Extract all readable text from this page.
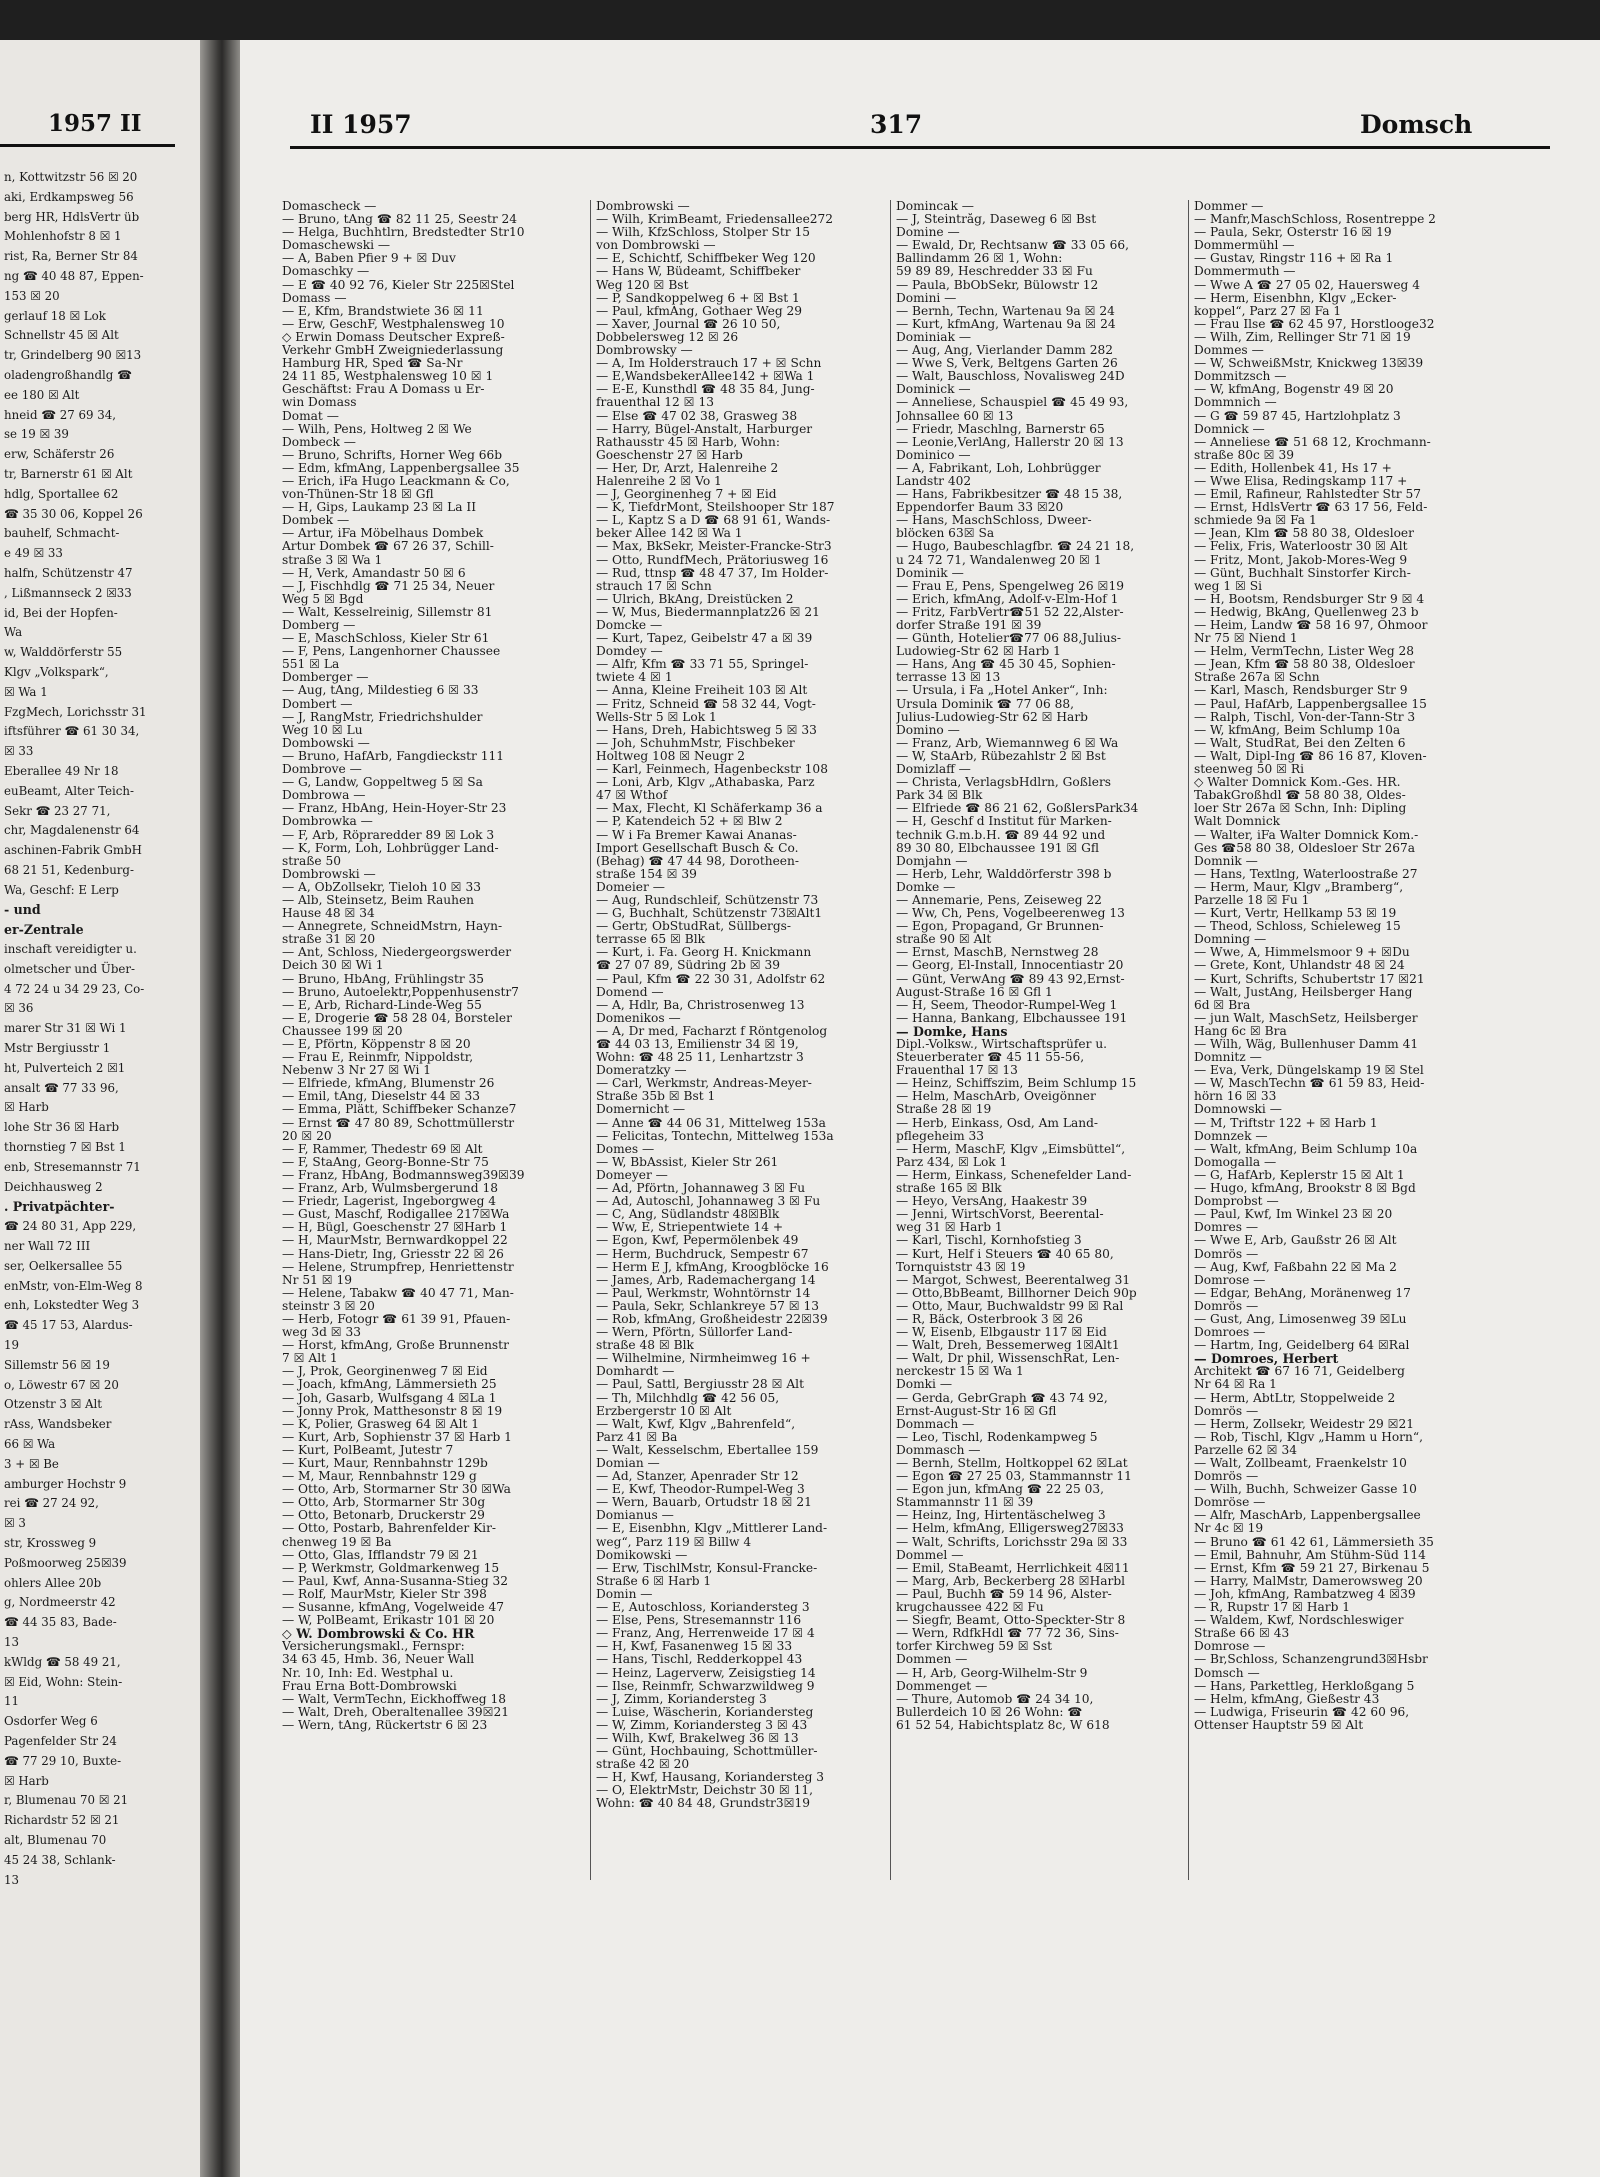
1957 II
n, Kottwitzstr 56 ☒ 20
aki, Erdkampsweg 56
berg HR, HdlsVertr üb
Mohlenhofstr 8 ☒ 1
rist, Ra, Berner Str 84
ng ☎ 40 48 87, Eppen-
153 ☒ 20
gerlauf 18 ☒ Lok
Schnellstr 45 ☒ Alt
tr, Grindelberg 90 ☒13
oladengroßhandlg ☎
ee 180 ☒ Alt
hneid ☎ 27 69 34,
se 19 ☒ 39
erw, Schäferstr 26
tr, Barnerstr 61 ☒ Alt
hdlg, Sportallee 62
☎ 35 30 06, Koppel 26
bauhelf, Schmacht-
e 49 ☒ 33
halfn, Schützenstr 47
, Lißmannseck 2 ☒33
id, Bei der Hopfen-
Wa
w, Walddörferstr 55
Klgv „Volkspark“,
☒ Wa 1
FzgMech, Lorichsstr 31
iftsführer ☎ 61 30 34,
☒ 33
Eberallee 49 Nr 18
euBeamt, Alter Teich-
Sekr ☎ 23 27 71,
chr, Magdalenenstr 64
aschinen-Fabrik GmbH
68 21 51, Kedenburg-
Wa, Geschf: E Lerp
- und
er-Zentrale
inschaft vereidigter u.
olmetscher und Über-
4 72 24 u 34 29 23, Co-
☒ 36
marer Str 31 ☒ Wi 1
Mstr Bergiusstr 1
ht, Pulverteich 2 ☒1
ansalt ☎ 77 33 96,
☒ Harb
lohe Str 36 ☒ Harb
thornstieg 7 ☒ Bst 1
enb, Stresemannstr 71
Deichhausweg 2
. Privatpächter-
☎ 24 80 31, App 229,
ner Wall 72 III
ser, Oelkersallee 55
enMstr, von-Elm-Weg 8
enh, Lokstedter Weg 3
☎ 45 17 53, Alardus-
19
Sillemstr 56 ☒ 19
o, Löwestr 67 ☒ 20
Otzenstr 3 ☒ Alt
rAss, Wandsbeker
66 ☒ Wa
3 + ☒ Be
amburger Hochstr 9
rei ☎ 27 24 92,
☒ 3
str, Krossweg 9
Poßmoorweg 25☒39
ohlers Allee 20b
g, Nordmeerstr 42
☎ 44 35 83, Bade-
13
kWldg ☎ 58 49 21,
☒ Eid, Wohn: Stein-
11
Osdorfer Weg 6
Pagenfelder Str 24
☎ 77 29 10, Buxte-
☒ Harb
r, Blumenau 70 ☒ 21
Richardstr 52 ☒ 21
alt, Blumenau 70
45 24 38, Schlank-
13
II 1957	317	Domsch
Domascheck —
— Bruno, tAng ☎ 82 11 25, Seestr 24
— Helga, Buchhtlrn, Bredstedter Str10
Domaschewski —
— A, Baben Pfier 9 + ☒ Duv
Domaschky —
— E ☎ 40 92 76, Kieler Str 225☒Stel
Domass —
— E, Kfm, Brandstwiete 36 ☒ 11
— Erw, GeschF, Westphalensweg 10
◇ Erwin Domass Deutscher Expreß-
Verkehr GmbH Zweigniederlassung
Hamburg HR, Sped ☎ Sa-Nr
24 11 85, Westphalensweg 10 ☒ 1
Geschäftst: Frau A Domass u Er-
win Domass
Domat —
— Wilh, Pens, Holtweg 2 ☒ We
Dombeck —
— Bruno, Schrifts, Horner Weg 66b
— Edm, kfmAng, Lappenbergsallee 35
— Erich, iFa Hugo Leackmann & Co,
von-Thünen-Str 18 ☒ Gfl
— H, Gips, Laukamp 23 ☒ La II
Dombek —
— Artur, iFa Möbelhaus Dombek
Artur Dombek ☎ 67 26 37, Schill-
straße 3 ☒ Wa 1
— H, Verk, Amandastr 50 ☒ 6
— J, Fischhdlg ☎ 71 25 34, Neuer
Weg 5 ☒ Bgd
— Walt, Kesselreinig, Sillemstr 81
Domberg —
— E, MaschSchloss, Kieler Str 61
— F, Pens, Langenhorner Chaussee
551 ☒ La
Domberger —
— Aug, tAng, Mildestieg 6 ☒ 33
Dombert —
— J, RangMstr, Friedrichshulder
Weg 10 ☒ Lu
Dombowski —
— Bruno, HafArb, Fangdieckstr 111
Dombrove —
— G, Landw, Goppeltweg 5 ☒ Sa
Dombrowa —
— Franz, HbAng, Hein-Hoyer-Str 23
Dombrowka —
— F, Arb, Röpraredder 89 ☒ Lok 3
— K, Form, Loh, Lohbrügger Land-
straße 50
Dombrowski —
— A, ObZollsekr, Tieloh 10 ☒ 33
— Alb, Steinsetz, Beim Rauhen
Hause 48 ☒ 34
— Annegrete, SchneidMstrn, Hayn-
straße 31 ☒ 20
— Ant, Schloss, Niedergeorgswerder
Deich 30 ☒ Wi 1
— Bruno, HbAng, Frühlingstr 35
— Bruno, Autoelektr,Poppenhusenstr7
— E, Arb, Richard-Linde-Weg 55
— E, Drogerie ☎ 58 28 04, Borsteler
Chaussee 199 ☒ 20
— E, Pförtn, Köppenstr 8 ☒ 20
— Frau E, Reinmfr, Nippoldstr,
Nebenw 3 Nr 27 ☒ Wi 1
— Elfriede, kfmAng, Blumenstr 26
— Emil, tAng, Dieselstr 44 ☒ 33
— Emma, Plätt, Schiffbeker Schanze7
— Ernst ☎ 47 80 89, Schottmüllerstr
20 ☒ 20
— F, Rammer, Thedestr 69 ☒ Alt
— F, StaAng, Georg-Bonne-Str 75
— Franz, HbAng, Bodmannsweg39☒39
— Franz, Arb, Wulmsbergerund 18
— Friedr, Lagerist, Ingeborgweg 4
— Gust, Maschf, Rodigallee 217☒Wa
— H, Bügl, Goeschenstr 27 ☒Harb 1
— H, MaurMstr, Bernwardkoppel 22
— Hans-Dietr, Ing, Griesstr 22 ☒ 26
— Helene, Strumpfrep, Henriettenstr
Nr 51 ☒ 19
— Helene, Tabakw ☎ 40 47 71, Man-
steinstr 3 ☒ 20
— Herb, Fotogr ☎ 61 39 91, Pfauen-
weg 3d ☒ 33
— Horst, kfmAng, Große Brunnenstr
7 ☒ Alt 1
— J, Prok, Georginenweg 7 ☒ Eid
— Joach, kfmAng, Lämmersieth 25
— Joh, Gasarb, Wulfsgang 4 ☒La 1
— Jonny Prok, Matthesonstr 8 ☒ 19
— K, Polier, Grasweg 64 ☒ Alt 1
— Kurt, Arb, Sophienstr 37 ☒ Harb 1
— Kurt, PolBeamt, Jutestr 7
— Kurt, Maur, Rennbahnstr 129b
— M, Maur, Rennbahnstr 129 g
— Otto, Arb, Stormarner Str 30 ☒Wa
— Otto, Arb, Stormarner Str 30g
— Otto, Betonarb, Druckerstr 29
— Otto, Postarb, Bahrenfelder Kir-
chenweg 19 ☒ Ba
— Otto, Glas, Ifflandstr 79 ☒ 21
— P, Werkmstr, Goldmarkenweg 15
— Paul, Kwf, Anna-Susanna-Stieg 32
— Rolf, MaurMstr, Kieler Str 398
— Susanne, kfmAng, Vogelweide 47
— W, PolBeamt, Erikastr 101 ☒ 20
◇ W. Dombrowski & Co. HR
Versicherungsmakl., Fernspr:
34 63 45, Hmb. 36, Neuer Wall
Nr. 10, Inh: Ed. Westphal u.
Frau Erna Bott-Dombrowski
— Walt, VermTechn, Eickhoffweg 18
— Walt, Dreh, Oberaltenallee 39☒21
— Wern, tAng, Rückertstr 6 ☒ 23
Dombrowski —
— Wilh, KrimBeamt, Friedensallee272
— Wilh, KfzSchloss, Stolper Str 15
von Dombrowski —
— E, Schichtf, Schiffbeker Weg 120
— Hans W, Büdeamt, Schiffbeker
Weg 120 ☒ Bst
— P, Sandkoppelweg 6 + ☒ Bst 1
— Paul, kfmAng, Gothaer Weg 29
— Xaver, Journal ☎ 26 10 50,
Dobbelersweg 12 ☒ 26
Dombrowsky —
— A, Im Holderstrauch 17 + ☒ Schn
— E,WandsbekerAllee142 + ☒Wa 1
— E-E, Kunsthdl ☎ 48 35 84, Jung-
frauenthal 12 ☒ 13
— Else ☎ 47 02 38, Grasweg 38
— Harry, Bügel-Anstalt, Harburger
Rathausstr 45 ☒ Harb, Wohn:
Goeschenstr 27 ☒ Harb
— Her, Dr, Arzt, Halenreihe 2
Halenreihe 2 ☒ Vo 1
— J, Georginenheg 7 + ☒ Eid
— K, TiefdrMont, Steilshooper Str 187
— L, Kaptz S a D ☎ 68 91 61, Wands-
beker Allee 142 ☒ Wa 1
— Max, BkSekr, Meister-Francke-Str3
— Otto, RundfMech, Prätoriusweg 16
— Rud, ttnsp ☎ 48 47 37, Im Holder-
strauch 17 ☒ Schn
— Ulrich, BkAng, Dreistücken 2
— W, Mus, Biedermannplatz26 ☒ 21
Domcke —
— Kurt, Tapez, Geibelstr 47 a ☒ 39
Domdey —
— Alfr, Kfm ☎ 33 71 55, Springel-
twiete 4 ☒ 1
— Anna, Kleine Freiheit 103 ☒ Alt
— Fritz, Schneid ☎ 58 32 44, Vogt-
Wells-Str 5 ☒ Lok 1
— Hans, Dreh, Habichtsweg 5 ☒ 33
— Joh, SchuhmMstr, Fischbeker
Holtweg 108 ☒ Neugr 2
— Karl, Feinmech, Hagenbeckstr 108
— Loni, Arb, Klgv „Athabaska, Parz
47 ☒ Wthof
— Max, Flecht, Kl Schäferkamp 36 a
— P, Katendeich 52 + ☒ Blw 2
— W i Fa Bremer Kawai Ananas-
Import Gesellschaft Busch & Co.
(Behag) ☎ 47 44 98, Dorotheen-
straße 154 ☒ 39
Domeier —
— Aug, Rundschleif, Schützenstr 73
— G, Buchhalt, Schützenstr 73☒Alt1
— Gertr, ObStudRat, Süllbergs-
terrasse 65 ☒ Blk
— Kurt, i. Fa. Georg H. Knickmann
☎ 27 07 89, Südring 2b ☒ 39
— Paul, Kfm ☎ 22 30 31, Adolfstr 62
Domend —
— A, Hdlr, Ba, Christrosenweg 13
Domenikos —
— A, Dr med, Facharzt f Röntgenolog
☎ 44 03 13, Emilienstr 34 ☒ 19,
Wohn: ☎ 48 25 11, Lenhartzstr 3
Domeratzky —
— Carl, Werkmstr, Andreas-Meyer-
Straße 35b ☒ Bst 1
Domernicht —
— Anne ☎ 44 06 31, Mittelweg 153a
— Felicitas, Tontechn, Mittelweg 153a
Domes —
— W, BbAssist, Kieler Str 261
Domeyer —
— Ad, Pförtn, Johannaweg 3 ☒ Fu
— Ad, Autoschl, Johannaweg 3 ☒ Fu
— C, Ang, Südlandstr 48☒Blk
— Ww, E, Striepentwiete 14 +
— Egon, Kwf, Pepermölenbek 49
— Herm, Buchdruck, Sempestr 67
— Herm E J, kfmAng, Kroogblöcke 16
— James, Arb, Rademachergang 14
— Paul, Werkmstr, Wohntörnstr 14
— Paula, Sekr, Schlankreye 57 ☒ 13
— Rob, kfmAng, Großheidestr 22☒39
— Wern, Pförtn, Süllorfer Land-
straße 48 ☒ Blk
— Wilhelmine, Nirmheimweg 16 +
Domhardt —
— Paul, Sattl, Bergiusstr 28 ☒ Alt
— Th, Milchhdlg ☎ 42 56 05,
Erzbergerstr 10 ☒ Alt
— Walt, Kwf, Klgv „Bahrenfeld“,
Parz 41 ☒ Ba
— Walt, Kesselschm, Ebertallee 159
Domian —
— Ad, Stanzer, Apenrader Str 12
— E, Kwf, Theodor-Rumpel-Weg 3
— Wern, Bauarb, Ortudstr 18 ☒ 21
Domianus —
— E, Eisenbhn, Klgv „Mittlerer Land-
weg“, Parz 119 ☒ Billw 4
Domikowski —
— Erw, TischlMstr, Konsul-Francke-
Straße 6 ☒ Harb 1
Domin —
— E, Autoschloss, Koriandersteg 3
— Else, Pens, Stresemannstr 116
— Franz, Ang, Herrenweide 17 ☒ 4
— H, Kwf, Fasanenweg 15 ☒ 33
— Hans, Tischl, Redderkoppel 43
— Heinz, Lagerverw, Zeisigstieg 14
— Ilse, Reinmfr, Schwarzwildweg 9
— J, Zimm, Koriandersteg 3
— Luise, Wäscherin, Koriandersteg
— W, Zimm, Koriandersteg 3 ☒ 43
— Wilh, Kwf, Brakelweg 36 ☒ 13
— Günt, Hochbauing, Schottmüller-
straße 42 ☒ 20
— H, Kwf, Hausang, Koriandersteg 3
— O, ElektrMstr, Deichstr 30 ☒ 11,
Wohn: ☎ 40 84 48, Grundstr3☒19
Domincak —
— J, Steintråg, Daseweg 6 ☒ Bst
Domine —
— Ewald, Dr, Rechtsanw ☎ 33 05 66,
Ballindamm 26 ☒ 1, Wohn:
59 89 89, Heschredder 33 ☒ Fu
— Paula, BbObSekr, Bülowstr 12
Domini —
— Bernh, Techn, Wartenau 9a ☒ 24
— Kurt, kfmAng, Wartenau 9a ☒ 24
Dominiak —
— Aug, Ang, Vierlander Damm 282
— Wwe S, Verk, Beltgens Garten 26
— Walt, Bauschloss, Novalisweg 24D
Dominick —
— Anneliese, Schauspiel ☎ 45 49 93,
Johnsallee 60 ☒ 13
— Friedr, Maschlng, Barnerstr 65
— Leonie,VerlAng, Hallerstr 20 ☒ 13
Dominico —
— A, Fabrikant, Loh, Lohbrügger
Landstr 402
— Hans, Fabrikbesitzer ☎ 48 15 38,
Eppendorfer Baum 33 ☒20
— Hans, MaschSchloss, Dweer-
blöcken 63☒ Sa
— Hugo, Baubeschlagfbr. ☎ 24 21 18,
u 24 72 71, Wandalenweg 20 ☒ 1
Dominik —
— Frau E, Pens, Spengelweg 26 ☒19
— Erich, kfmAng, Adolf-v-Elm-Hof 1
— Fritz, FarbVertr☎51 52 22,Alster-
dorfer Straße 191 ☒ 39
— Günth, Hotelier☎77 06 88,Julius-
Ludowieg-Str 62 ☒ Harb 1
— Hans, Ang ☎ 45 30 45, Sophien-
terrasse 13 ☒ 13
— Ursula, i Fa „Hotel Anker“, Inh:
Ursula Dominik ☎ 77 06 88,
Julius-Ludowieg-Str 62 ☒ Harb
Domino —
— Franz, Arb, Wiemannweg 6 ☒ Wa
— W, StaArb, Rübezahlstr 2 ☒ Bst
Domizlaff —
— Christa, VerlagsbHdlrn, Goßlers
Park 34 ☒ Blk
— Elfriede ☎ 86 21 62, GoßlersPark34
— H, Geschf d Institut für Marken-
technik G.m.b.H. ☎ 89 44 92 und
89 30 80, Elbchaussee 191 ☒ Gfl
Domjahn —
— Herb, Lehr, Walddörferstr 398 b
Domke —
— Annemarie, Pens, Zeiseweg 22
— Ww, Ch, Pens, Vogelbeerenweg 13
— Egon, Propagand, Gr Brunnen-
straße 90 ☒ Alt
— Ernst, MaschB, Nernstweg 28
— Georg, El-Install, Innocentiastr 20
— Günt, VerwAng ☎ 89 43 92,Ernst-
August-Straße 16 ☒ Gfl 1
— H, Seem, Theodor-Rumpel-Weg 1
— Hanna, Bankang, Elbchaussee 191
— Domke, Hans
Dipl.-Volksw., Wirtschaftsprüfer u.
Steuerberater ☎ 45 11 55-56,
Frauenthal 17 ☒ 13
— Heinz, Schiffszim, Beim Schlump 15
— Helm, MaschArb, Oveigönner
Straße 28 ☒ 19
— Herb, Einkass, Osd, Am Land-
pflegeheim 33
— Herm, MaschF, Klgv „Eimsbüttel“,
Parz 434, ☒ Lok 1
— Herm, Einkass, Schenefelder Land-
straße 165 ☒ Blk
— Heyo, VersAng, Haakestr 39
— Jenni, WirtschVorst, Beerental-
weg 31 ☒ Harb 1
— Karl, Tischl, Kornhofstieg 3
— Kurt, Helf i Steuers ☎ 40 65 80,
Tornquiststr 43 ☒ 19
— Margot, Schwest, Beerentalweg 31
— Otto,BbBeamt, Billhorner Deich 90p
— Otto, Maur, Buchwaldstr 99 ☒ Ral
— R, Bäck, Osterbrook 3 ☒ 26
— W, Eisenb, Elbgaustr 117 ☒ Eid
— Walt, Dreh, Bessemerweg 1☒Alt1
— Walt, Dr phil, WissenschRat, Len-
nerckestr 15 ☒ Wa 1
Domki —
— Gerda, GebrGraph ☎ 43 74 92,
Ernst-August-Str 16 ☒ Gfl
Dommach —
— Leo, Tischl, Rodenkampweg 5
Dommasch —
— Bernh, Stellm, Holtkoppel 62 ☒Lat
— Egon ☎ 27 25 03, Stammannstr 11
— Egon jun, kfmAng ☎ 22 25 03,
Stammannstr 11 ☒ 39
— Heinz, Ing, Hirtentäschelweg 3
— Helm, kfmAng, Elligersweg27☒33
— Walt, Schrifts, Lorichsstr 29a ☒ 33
Dommel —
— Emil, StaBeamt, Herrlichkeit 4☒11
— Marg, Arb, Beckerberg 28 ☒Harbl
— Paul, Buchh ☎ 59 14 96, Alster-
krugchaussee 422 ☒ Fu
— Siegfr, Beamt, Otto-Speckter-Str 8
— Wern, RdfkHdl ☎ 77 72 36, Sins-
torfer Kirchweg 59 ☒ Sst
Dommen —
— H, Arb, Georg-Wilhelm-Str 9
Dommenget —
— Thure, Automob ☎ 24 34 10,
Bullerdeich 10 ☒ 26 Wohn: ☎
61 52 54, Habichtsplatz 8c, W 618
Dommer —
— Manfr,MaschSchloss, Rosentreppe 2
— Paula, Sekr, Osterstr 16 ☒ 19
Dommermühl —
— Gustav, Ringstr 116 + ☒ Ra 1
Dommermuth —
— Wwe A ☎ 27 05 02, Hauersweg 4
— Herm, Eisenbhn, Klgv „Ecker-
koppel“, Parz 27 ☒ Fa 1
— Frau Ilse ☎ 62 45 97, Horstlooge32
— Wilh, Zim, Rellinger Str 71 ☒ 19
Dommes —
— W, SchweißMstr, Knickweg 13☒39
Dommitzsch —
— W, kfmAng, Bogenstr 49 ☒ 20
Dommnich —
— G ☎ 59 87 45, Hartzlohplatz 3
Domnick —
— Anneliese ☎ 51 68 12, Krochmann-
straße 80c ☒ 39
— Edith, Hollenbek 41, Hs 17 +
— Wwe Elisa, Redingskamp 117 +
— Emil, Rafineur, Rahlstedter Str 57
— Ernst, HdlsVertr ☎ 63 17 56, Feld-
schmiede 9a ☒ Fa 1
— Jean, Klm ☎ 58 80 38, Oldesloer
— Felix, Fris, Waterloostr 30 ☒ Alt
— Fritz, Mont, Jakob-Mores-Weg 9
— Günt, Buchhalt Sinstorfer Kirch-
weg 1 ☒ Si
— H, Bootsm, Rendsburger Str 9 ☒ 4
— Hedwig, BkAng, Quellenweg 23 b
— Heim, Landw ☎ 58 16 97, Ohmoor
Nr 75 ☒ Niend 1
— Helm, VermTechn, Lister Weg 28
— Jean, Kfm ☎ 58 80 38, Oldesloer
Straße 267a ☒ Schn
— Karl, Masch, Rendsburger Str 9
— Paul, HafArb, Lappenbergsallee 15
— Ralph, Tischl, Von-der-Tann-Str 3
— W, kfmAng, Beim Schlump 10a
— Walt, StudRat, Bei den Zelten 6
— Walt, Dipl-Ing ☎ 86 16 87, Kloven-
steenweg 50 ☒ Ri
◇ Walter Domnick Kom.-Ges. HR.
TabakGroßhdl ☎ 58 80 38, Oldes-
loer Str 267a ☒ Schn, Inh: Dipling
Walt Domnick
— Walter, iFa Walter Domnick Kom.-
Ges ☎58 80 38, Oldesloer Str 267a
Domnik —
— Hans, Textlng, Waterloostraße 27
— Herm, Maur, Klgv „Bramberg“,
Parzelle 18 ☒ Fu 1
— Kurt, Vertr, Hellkamp 53 ☒ 19
— Theod, Schloss, Schieleweg 15
Domning —
— Wwe, A, Himmelsmoor 9 + ☒Du
— Grete, Kont, Uhlandstr 48 ☒ 24
— Kurt, Schrifts, Schubertstr 17 ☒21
— Walt, JustAng, Heilsberger Hang
6d ☒ Bra
— jun Walt, MaschSetz, Heilsberger
Hang 6c ☒ Bra
— Wilh, Wäg, Bullenhuser Damm 41
Domnitz —
— Eva, Verk, Düngelskamp 19 ☒ Stel
— W, MaschTechn ☎ 61 59 83, Heid-
hörn 16 ☒ 33
Domnowski —
— M, Triftstr 122 + ☒ Harb 1
Domnzek —
— Walt, kfmAng, Beim Schlump 10a
Domogalla —
— G, HafArb, Keplerstr 15 ☒ Alt 1
— Hugo, kfmAng, Brookstr 8 ☒ Bgd
Domprobst —
— Paul, Kwf, Im Winkel 23 ☒ 20
Domres —
— Wwe E, Arb, Gaußstr 26 ☒ Alt
Domrös —
— Aug, Kwf, Faßbahn 22 ☒ Ma 2
Domrose —
— Edgar, BehAng, Moränenweg 17
Domrös —
— Gust, Ang, Limosenweg 39 ☒Lu
Domroes —
— Hartm, Ing, Geidelberg 64 ☒Ral
— Domroes, Herbert
Architekt ☎ 67 16 71, Geidelberg
Nr 64 ☒ Ra 1
— Herm, AbtLtr, Stoppelweide 2
Domrös —
— Herm, Zollsekr, Weidestr 29 ☒21
— Rob, Tischl, Klgv „Hamm u Horn“,
Parzelle 62 ☒ 34
— Walt, Zollbeamt, Fraenkelstr 10
Domrös —
— Wilh, Buchh, Schweizer Gasse 10
Domröse —
— Alfr, MaschArb, Lappenbergsallee
Nr 4c ☒ 19
— Bruno ☎ 61 42 61, Lämmersieth 35
— Emil, Bahnuhr, Am Stühm-Süd 114
— Ernst, Kfm ☎ 59 21 27, Birkenau 5
— Harry, MalMstr, Damerowsweg 20
— Joh, kfmAng, Rambatzweg 4 ☒39
— R, Rupstr 17 ☒ Harb 1
— Waldem, Kwf, Nordschleswiger
Straße 66 ☒ 43
Domrose —
— Br,Schloss, Schanzengrund3☒Hsbr
Domsch —
— Hans, Parkettleg, Herkloßgang 5
— Helm, kfmAng, Gießestr 43
— Ludwiga, Friseurin ☎ 42 60 96,
Ottenser Hauptstr 59 ☒ Alt
